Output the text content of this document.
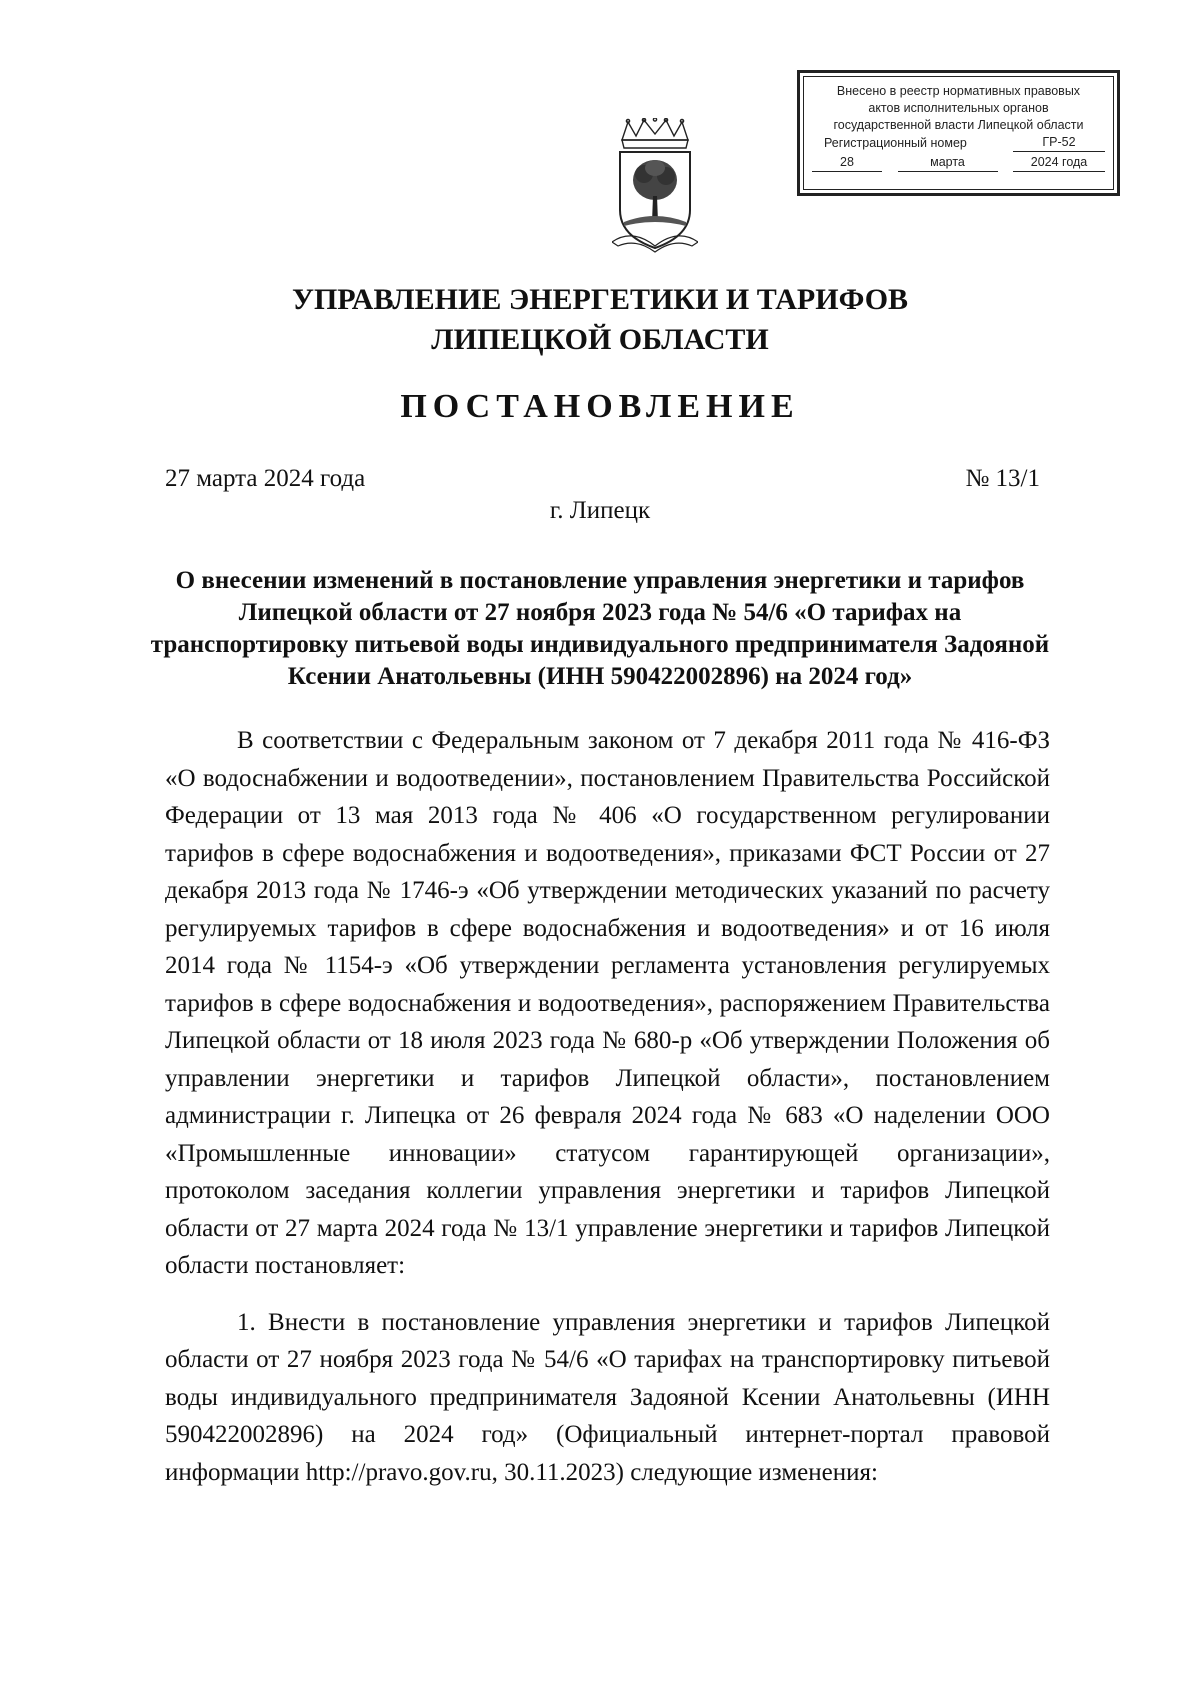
Внесено в реестр нормативных правовых
актов исполнительных органов
государственной власти Липецкой области
Регистрационный номер	ГР-52
28	марта	2024 года
УПРАВЛЕНИЕ ЭНЕРГЕТИКИ И ТАРИФОВ
ЛИПЕЦКОЙ ОБЛАСТИ
ПОСТАНОВЛЕНИЕ
27 марта 2024 года	№ 13/1
г. Липецк
О внесении изменений в постановление управления энергетики и тарифов Липецкой области от 27 ноября 2023 года № 54/6 «О тарифах на транспортировку питьевой воды индивидуального предпринимателя Задояной Ксении Анатольевны (ИНН 590422002896) на 2024 год»

В соответствии с Федеральным законом от 7 декабря 2011 года № 416-ФЗ «О водоснабжении и водоотведении», постановлением Правительства Российской Федерации от 13 мая 2013 года № 406 «О государственном регулировании тарифов в сфере водоснабжения и водоотведения», приказами ФСТ России от 27 декабря 2013 года № 1746-э «Об утверждении методических указаний по расчету регулируемых тарифов в сфере водоснабжения и водоотведения» и от 16 июля 2014 года № 1154-э «Об утверждении регламента установления регулируемых тарифов в сфере водоснабжения и водоотведения», распоряжением Правительства Липецкой области от 18 июля 2023 года № 680-р «Об утверждении Положения об управлении энергетики и тарифов Липецкой области», постановлением администрации г. Липецка от 26 февраля 2024 года № 683 «О наделении ООО «Промышленные инновации» статусом гарантирующей организации», протоколом заседания коллегии управления энергетики и тарифов Липецкой области от 27 марта 2024 года № 13/1 управление энергетики и тарифов Липецкой области постановляет:

1. Внести в постановление управления энергетики и тарифов Липецкой области от 27 ноября 2023 года № 54/6 «О тарифах на транспортировку питьевой воды индивидуального предпринимателя Задояной Ксении Анатольевны (ИНН 590422002896) на 2024 год» (Официальный интернет-портал правовой информации http://pravo.gov.ru, 30.11.2023) следующие изменения:
